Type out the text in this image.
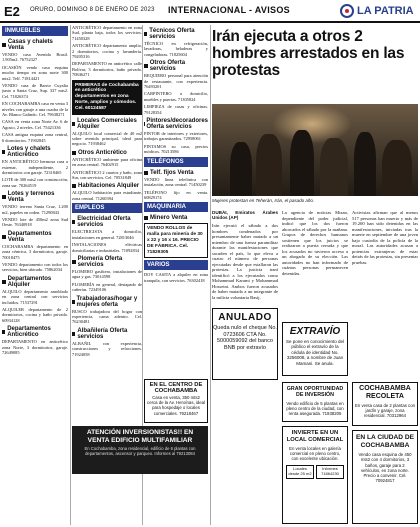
E2 ORURO, DOMINGO 8 DE ENERO DE 2023 INTERNACIONAL - AVISOS	LA PATRIA
INMUEBLES
Casas y chalets Venta
VENDO casa Avenida Brasil. 1.905m2. 76752327
OCASIÓN vendo casa esquina mucho tiempo en zona norte 300 mts2. Telf. 71814421
VENDO casa de Barrio Cuyalia junto a Santa Cruz, Sup. 337 mts2. Cel. 71826374
EN COCHABAMBA casa en venta 3 niveles con garaje a una cuadra de la Av. Blanco Galindo. Cel. 79638271
CASA en venta zona Norte Av. 6 de Agosto, 2 niveles. Cel. 75421336
CASA antigua esquina zona central, 6 dormitorios. 71902845
Lotes y chalets Anticrético
EN ANTICRÉTICO hermosa casa a estrenar, independiente, 2 dormitorios con garaje. 72318465
LOTE de 300 mts2 con construcción, zona sur. 70264519
Lotes y terrenos Venta
VENDO terreno Santa Cruz, 1.200 m2, papeles en orden. 71290843
VENDO lote de 450m2 zona Sud Oeste. 76340918
Departamentos Venta
COCHABAMBA departamento en zona céntrica, 3 dormitorios, garaje. 70018475
VENDO departamento con todos los servicios, bien ubicado. 75862034
Departamentos Alquiler
ALQUILO departamento amoblado en zona central con servicios incluidos. 71537291
ALQUILER departamento de 2 dormitorios, cocina y baño privado. 60934128
Departamentos Anticrético
DEPARTAMENTO en anticrético zona Norte, 3 dormitorios, garaje. 72649085
ANTICRÉTICO departamento en zona Sud, planta baja, todos los servicios. 71450328
ANTICRÉTICO departamento amplio, 2 dormitorios, cocina y lavandería. 79205316
DEPARTAMENTO en anticrético calle Bolívar, 3 dormitorios, baño privado. 70846271
PRIMERAS de Cochabamba en anticrético departamentos en zona Norte, amplios y cómodos. Cel. 60124587
Locales Comerciales Alquiler
ALQUILO local comercial de 40 m2 sobre avenida principal, ideal para negocio. 71938462
Otros Anticrético
ANTICRÉTICO ambiente para oficina en zona central. 76402915
ANTICRÉTICO 2 cuartos y baño, zona Sur, con servicios. Cel. 70531849
Habitaciones Alquiler
ALQUILO habitación para estudiante, zona central. 71260394
EMPLEOS
Electricidad Oferta servicios
ELECTRICISTA a domicilio, instalaciones en general. 72813046
INSTALACIONES eléctricas domiciliarias e industriales. 71092834
Plomería Oferta servicios
PLOMERO gasfitero, instalaciones de agua y gas. 73014598
PLOMERÍA en general, destapado de cañerías. 72349106
Trabajadoras/hogar y mujeres oferta
BUSCO trabajadora del hogar con experiencia, cama adentro. Cel. 76230481
Albañilería Oferta servicios
ALBAÑIL con experiencia, construcciones y refacciones. 71924058
Técnicos Oferta servicios
TÉCNICO en refrigeración, lavadoras, heladeras y congeladoras. 71825604
Otros Oferta servicios
REQUIERO personal para atención de restaurante, con experiencia. 76493201
CARPINTERO a domicilio, muebles y puertas. 71305824
LIMPIEZA de casas y oficinas. 79128354
Pintores/decoradores Oferta servicios
PINTOR de interiores y exteriores, trabajos garantizados. 72958061
PINTAMOS su casa, precios módicos. 70213586
TELÉFONOS
Telf. fijos Venta
VENDO línea telefónica con instalación, zona central. 71450239
TELÉFONO fijo en venta. 60829174
MAQUINARIA
Minero Venta
VENDO ROLLOS de malla para minería de 30 x 22 y 16 x 16. PRECIO DE FÁBRICA. Cel. 71829305
VARIOS
DOY CASITA a alquiler en zona tranquila, con servicios. 76302418
EN EL CENTRO DE COCHABAMBA

Casa en venta, 350 mts2 cerca de la Av. Heroínas, ideal para hospedaje o locales comerciales. 79218467

Irán ejecuta a otros 2 hombres arrestados en las protestas
Mujeres protestan en Teherán, Irán, el pasado año.
DUBÁI, Emiratos Árabes Unidos (AP)

Irán ejecutó el sábado a dos hombres condenados por presuntamente haber matado a un miembro de una fuerza paramilitar durante las manifestaciones que sacuden el país, lo que eleva a cuatro el número de personas ejecutadas desde que estallaron las protestas. La justicia iraní identificó a los ejecutados como Mohammad Karami y Mohammad Hosseini. Ambos fueron acusados de haber matado a un integrante de la milicia voluntaria Basij.

La agencia de noticias Mizan, dependiente del poder judicial, indicó que los dos fueron ahorcados el sábado por la mañana. Grupos de derechos humanos sostienen que los juicios se realizaron a puerta cerrada y que los acusados no tuvieron acceso a un abogado de su elección. Las autoridades no han informado de cuántas personas permanecen detenidas.

Activistas afirman que al menos 517 personas han muerto y más de 19.200 han sido detenidas en las manifestaciones, iniciadas tras la muerte en septiembre de una joven bajo custodia de la policía de la moral. Las autoridades acusan a potencias extranjeras de estar detrás de las protestas, sin presentar pruebas.

ANULADO

Queda nulo el cheque No. 0723606 CTA No. 5000059092 del banco BNB por extravío

EXTRAVÍO

Se pone en conocimiento del público el extravío de la cédula de identidad No. 3256008, a nombre de Juan Mamani. Se anula.

GRAN OPORTUNIDAD DE INVERSIÓN

Vendo edificio de 5 plantas en pleno centro de la ciudad, con renta asegurada. 71938205

COCHABAMBA RECOLETA

En venta casa de 2 plantas con jardín y garaje, zona residencial. 70312964

ATENCIÓN INVERSIONISTAS!! EN VENTA EDIFICIO MULTIFAMILIAR

En Cochabamba, zona residencial, edificio de 6 plantas con departamentos, ascensor y parqueo. Informes al 79213084

INVIERTE EN UN LOCAL COMERCIAL

En venta locales en galería comercial en pleno centro, con excelente ubicación.

Locales desde 25 m2
Informes 71864230
EN LA CIUDAD DE COCHABAMBA

Vendo casa esquina de 450 mts2 con 4 dormitorios, 3 baños, garaje para 2 vehículos, en zona norte. Precio a convenir. Cel. 70924817
